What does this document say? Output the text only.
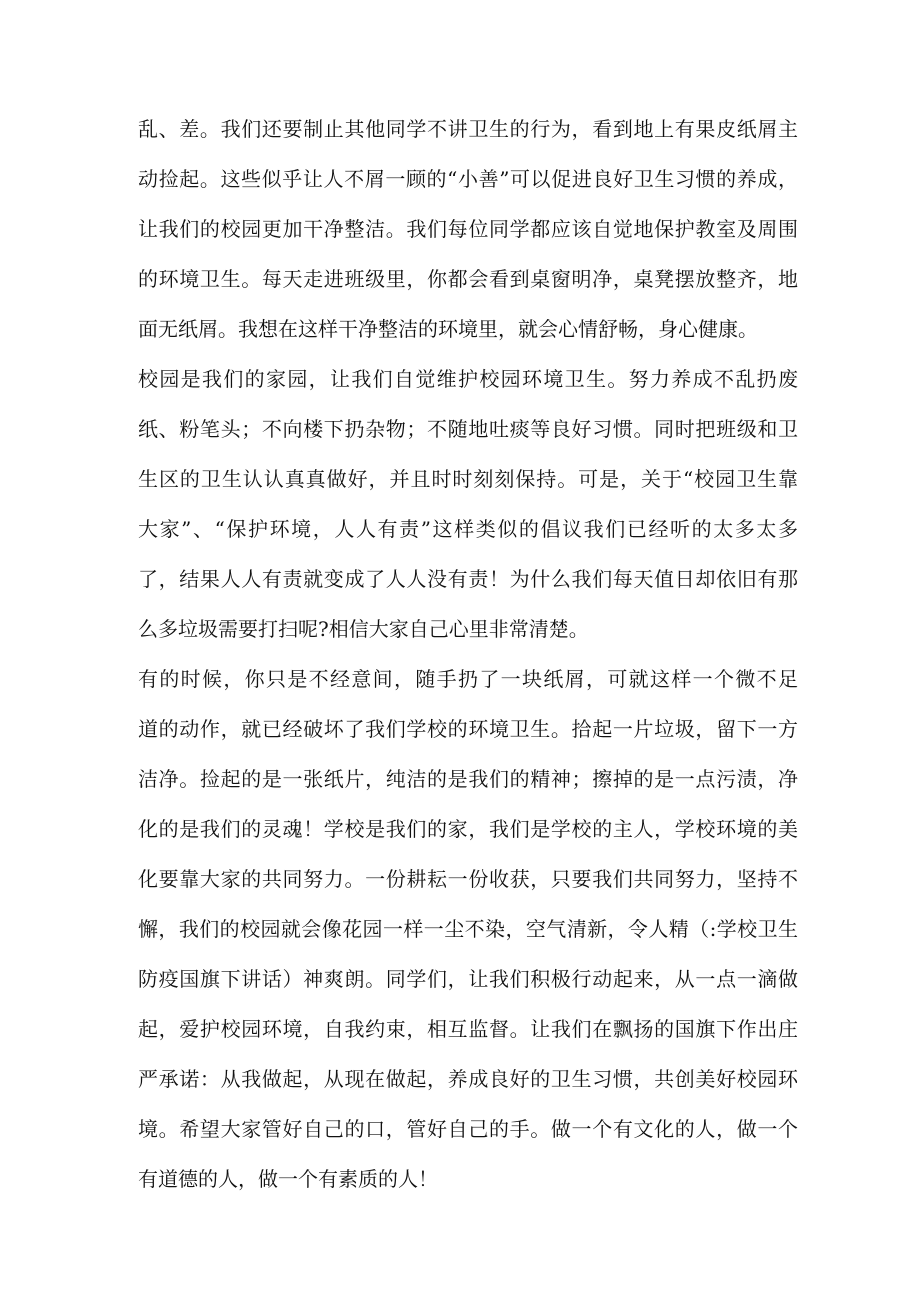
乱、差。我们还要制止其他同学不讲卫生的行为，看到地上有果皮纸屑主
动捡起。这些似乎让人不屑一顾的“小善”可以促进良好卫生习惯的养成，
让我们的校园更加干净整洁。我们每位同学都应该自觉地保护教室及周围
的环境卫生。每天走进班级里，你都会看到桌窗明净，桌凳摆放整齐，地
面无纸屑。我想在这样干净整洁的环境里，就会心情舒畅，身心健康。
校园是我们的家园，让我们自觉维护校园环境卫生。努力养成不乱扔废
纸、粉笔头；不向楼下扔杂物；不随地吐痰等良好习惯。同时把班级和卫
生区的卫生认认真真做好，并且时时刻刻保持。可是，关于“校园卫生靠
大家”、“保护环境，人人有责”这样类似的倡议我们已经听的太多太多
了，结果人人有责就变成了人人没有责！为什么我们每天值日却依旧有那
么多垃圾需要打扫呢?相信大家自己心里非常清楚。
有的时候，你只是不经意间，随手扔了一块纸屑，可就这样一个微不足
道的动作，就已经破坏了我们学校的环境卫生。拾起一片垃圾，留下一方
洁净。捡起的是一张纸片，纯洁的是我们的精神；擦掉的是一点污渍，净
化的是我们的灵魂！学校是我们的家，我们是学校的主人，学校环境的美
化要靠大家的共同努力。一份耕耘一份收获，只要我们共同努力，坚持不
懈，我们的校园就会像花园一样一尘不染，空气清新，令人精（:学校卫生
防疫国旗下讲话）神爽朗。同学们，让我们积极行动起来，从一点一滴做
起，爱护校园环境，自我约束，相互监督。让我们在飘扬的国旗下作出庄
严承诺：从我做起，从现在做起，养成良好的卫生习惯，共创美好校园环
境。希望大家管好自己的口，管好自己的手。做一个有文化的人，做一个
有道德的人，做一个有素质的人！
